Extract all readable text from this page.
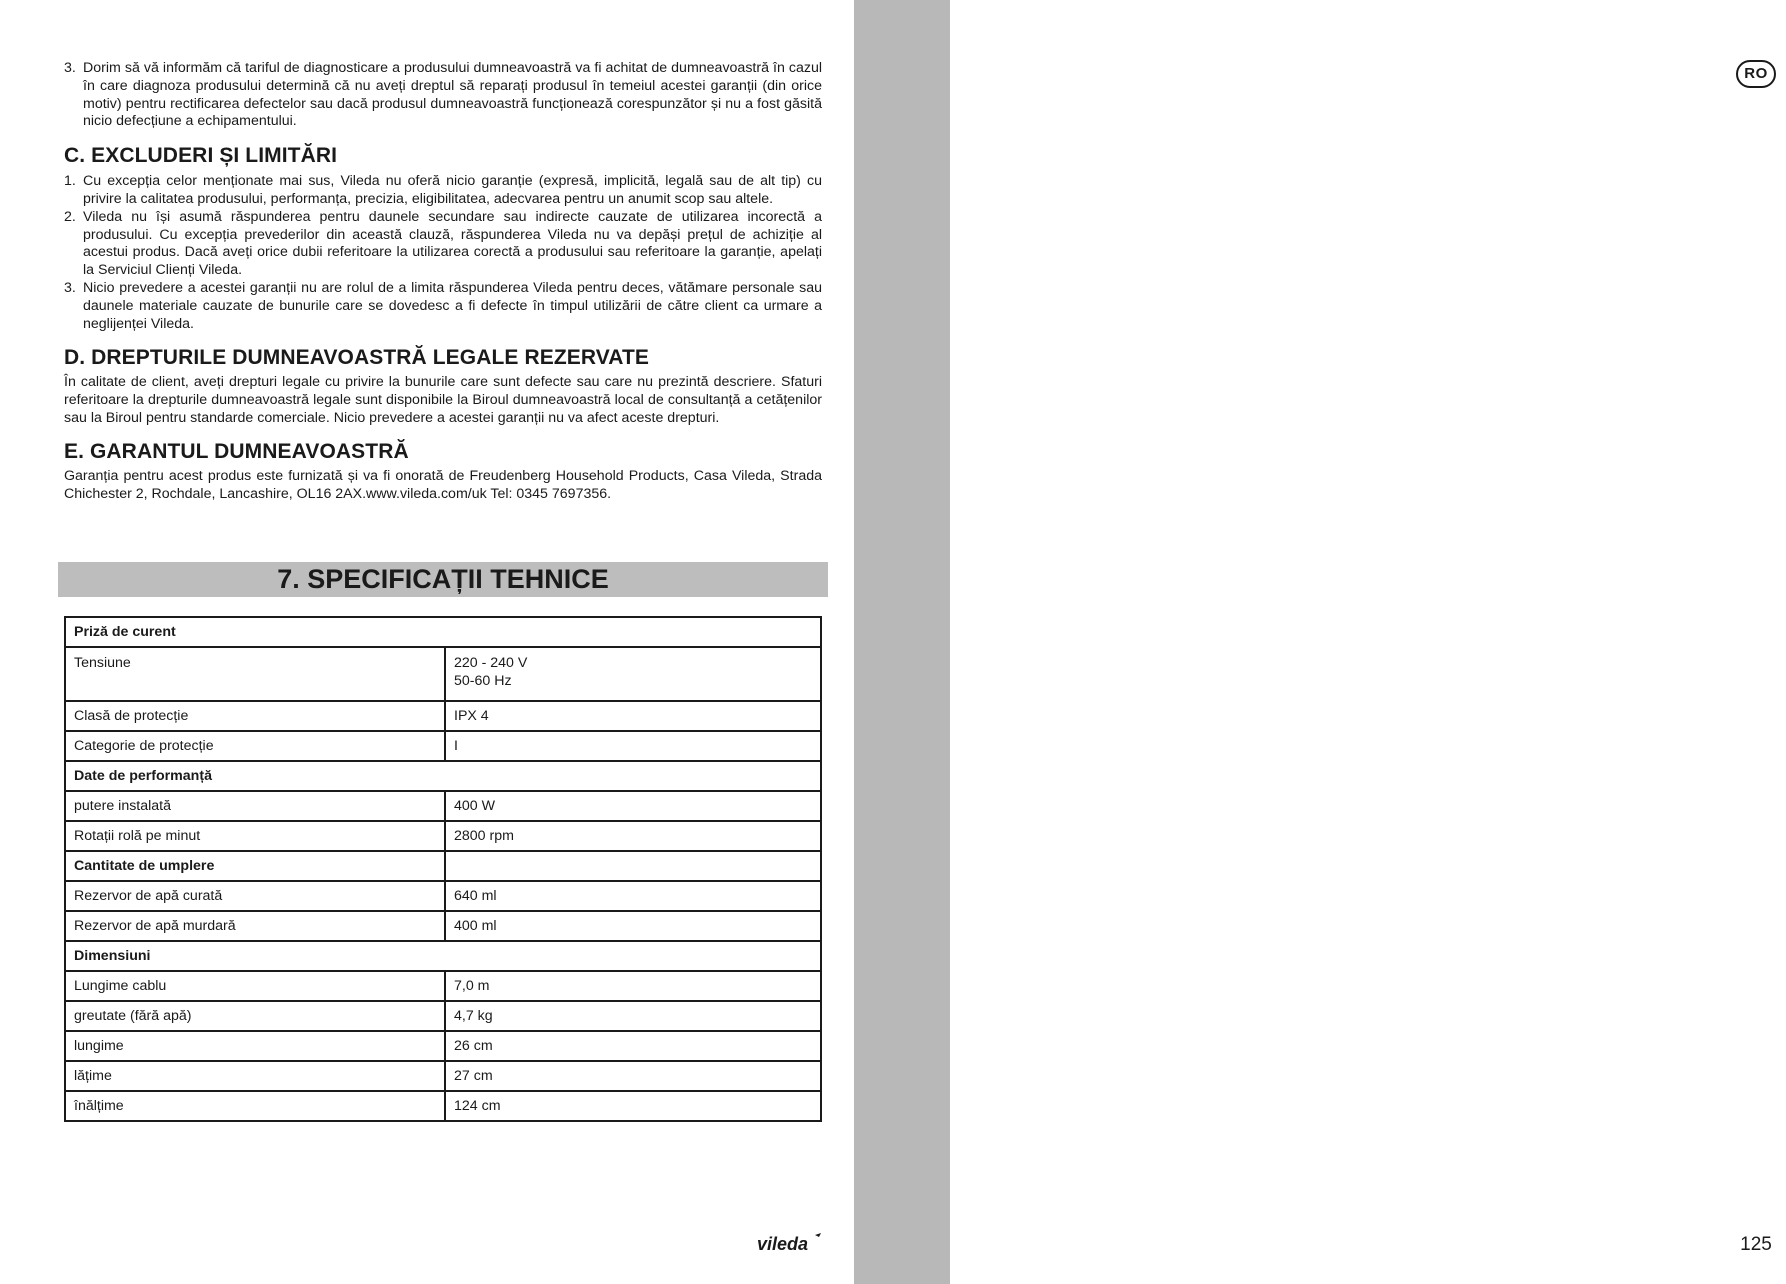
RO
125
3. Dorim să vă informăm că tariful de diagnosticare a produsului dumneavoastră va fi achitat de dumneavoastră în cazul în care diagnoza produsului determină că nu aveți dreptul să reparați produsul în temeiul acestei garanții (din orice motiv) pentru rectificarea defectelor sau dacă produsul dumneavoastră funcționează corespunzător și nu a fost găsită nicio defecțiune a echipamentului.
C. EXCLUDERI ȘI LIMITĂRI
1. Cu excepția celor menționate mai sus, Vileda nu oferă nicio garanție (expresă, implicită, legală sau de alt tip) cu privire la calitatea produsului, performanța, precizia, eligibilitatea, adecvarea pentru un anumit scop sau altele.
2. Vileda nu își asumă răspunderea pentru daunele secundare sau indirecte cauzate de utilizarea incorectă a produsului. Cu excepția prevederilor din această clauză, răspunderea Vileda nu va depăși prețul de achiziție al acestui produs. Dacă aveți orice dubii referitoare la utilizarea corectă a produsului sau referitoare la garanție, apelați la Serviciul Clienți Vileda.
3. Nicio prevedere a acestei garanții nu are rolul de a limita răspunderea Vileda pentru deces, vătămare personale sau daunele materiale cauzate de bunurile care se dovedesc a fi defecte în timpul utilizării de către client ca urmare a neglijenței Vileda.
D. DREPTURILE DUMNEAVOASTRĂ LEGALE REZERVATE

În calitate de client, aveți drepturi legale cu privire la bunurile care sunt defecte sau care nu prezintă descriere. Sfaturi referitoare la drepturile dumneavoastră legale sunt disponibile la Biroul dumneavoastră local de consultanță a cetățenilor sau la Biroul pentru standarde comerciale. Nicio prevedere a acestei garanții nu va afect aceste drepturi.

E. GARANTUL DUMNEAVOASTRĂ

Garanția pentru acest produs este furnizată și va fi onorată de Freudenberg Household Products, Casa Vileda, Strada Chichester 2, Rochdale, Lancashire, OL16 2AX.www.vileda.com/uk Tel: 0345 7697356.

7. SPECIFICAȚII TEHNICE
Priză de curent	
Tensiune	220 - 240 V
50-60 Hz

Clasă de protecție	IPX 4
Categorie de protecție	I
Date de performanță	
putere instalată	400 W
Rotații rolă pe minut	2800 rpm
Cantitate de umplere	
Rezervor de apă curată	640 ml
Rezervor de apă murdară	400 ml
Dimensiuni	
Lungime cablu	7,0 m
greutate (fără apă)	4,7 kg
lungime	26 cm
lățime	27 cm
înălțime	124 cm
vileda
